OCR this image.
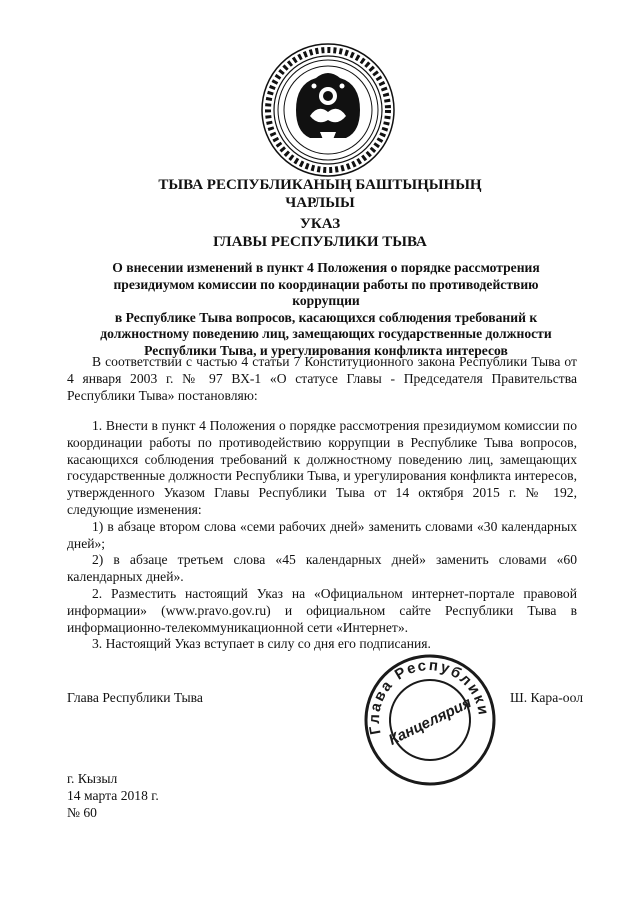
ТЫВА РЕСПУБЛИКАНЫҢ БАШТЫҢЫНЫҢ
ЧАРЛЫЫ
УКАЗ
ГЛАВЫ РЕСПУБЛИКИ ТЫВА
О внесении изменений в пункт 4 Положения о порядке рассмотрения
президиумом комиссии по координации работы по противодействию коррупции
в Республике Тыва вопросов, касающихся соблюдения требований к
должностному поведению лиц, замещающих государственные должности
Республики Тыва, и урегулирования конфликта интересов
В соответствии с частью 4 статьи 7 Конституционного закона Республики Тыва от 4 января 2003 г. № 97 ВХ-1 «О статусе Главы - Председателя Правительства Республики Тыва» постановляю:

1. Внести в пункт 4 Положения о порядке рассмотрения президиумом комиссии по координации работы по противодействию коррупции в Республике Тыва вопросов, касающихся соблюдения требований к должностному поведению лиц, замещающих государственные должности Республики Тыва, и урегулирования конфликта интересов, утвержденного Указом Главы Республики Тыва от 14 октября 2015 г. № 192, следующие изменения:

1) в абзаце втором слова «семи рабочих дней» заменить словами «30 календарных дней»;

2) в абзаце третьем слова «45 календарных дней» заменить словами «60 календарных дней».

2. Разместить настоящий Указ на «Официальном интернет-портале правовой информации» (www.pravo.gov.ru) и официальном сайте Республики Тыва в информационно-телекоммуникационной сети «Интернет».

3. Настоящий Указ вступает в силу со дня его подписания.

Глава Республики Тыва
Глава Республики
Канцелярия	Ш. Кара-оол
г. Кызыл
14 марта 2018 г.
№ 60
